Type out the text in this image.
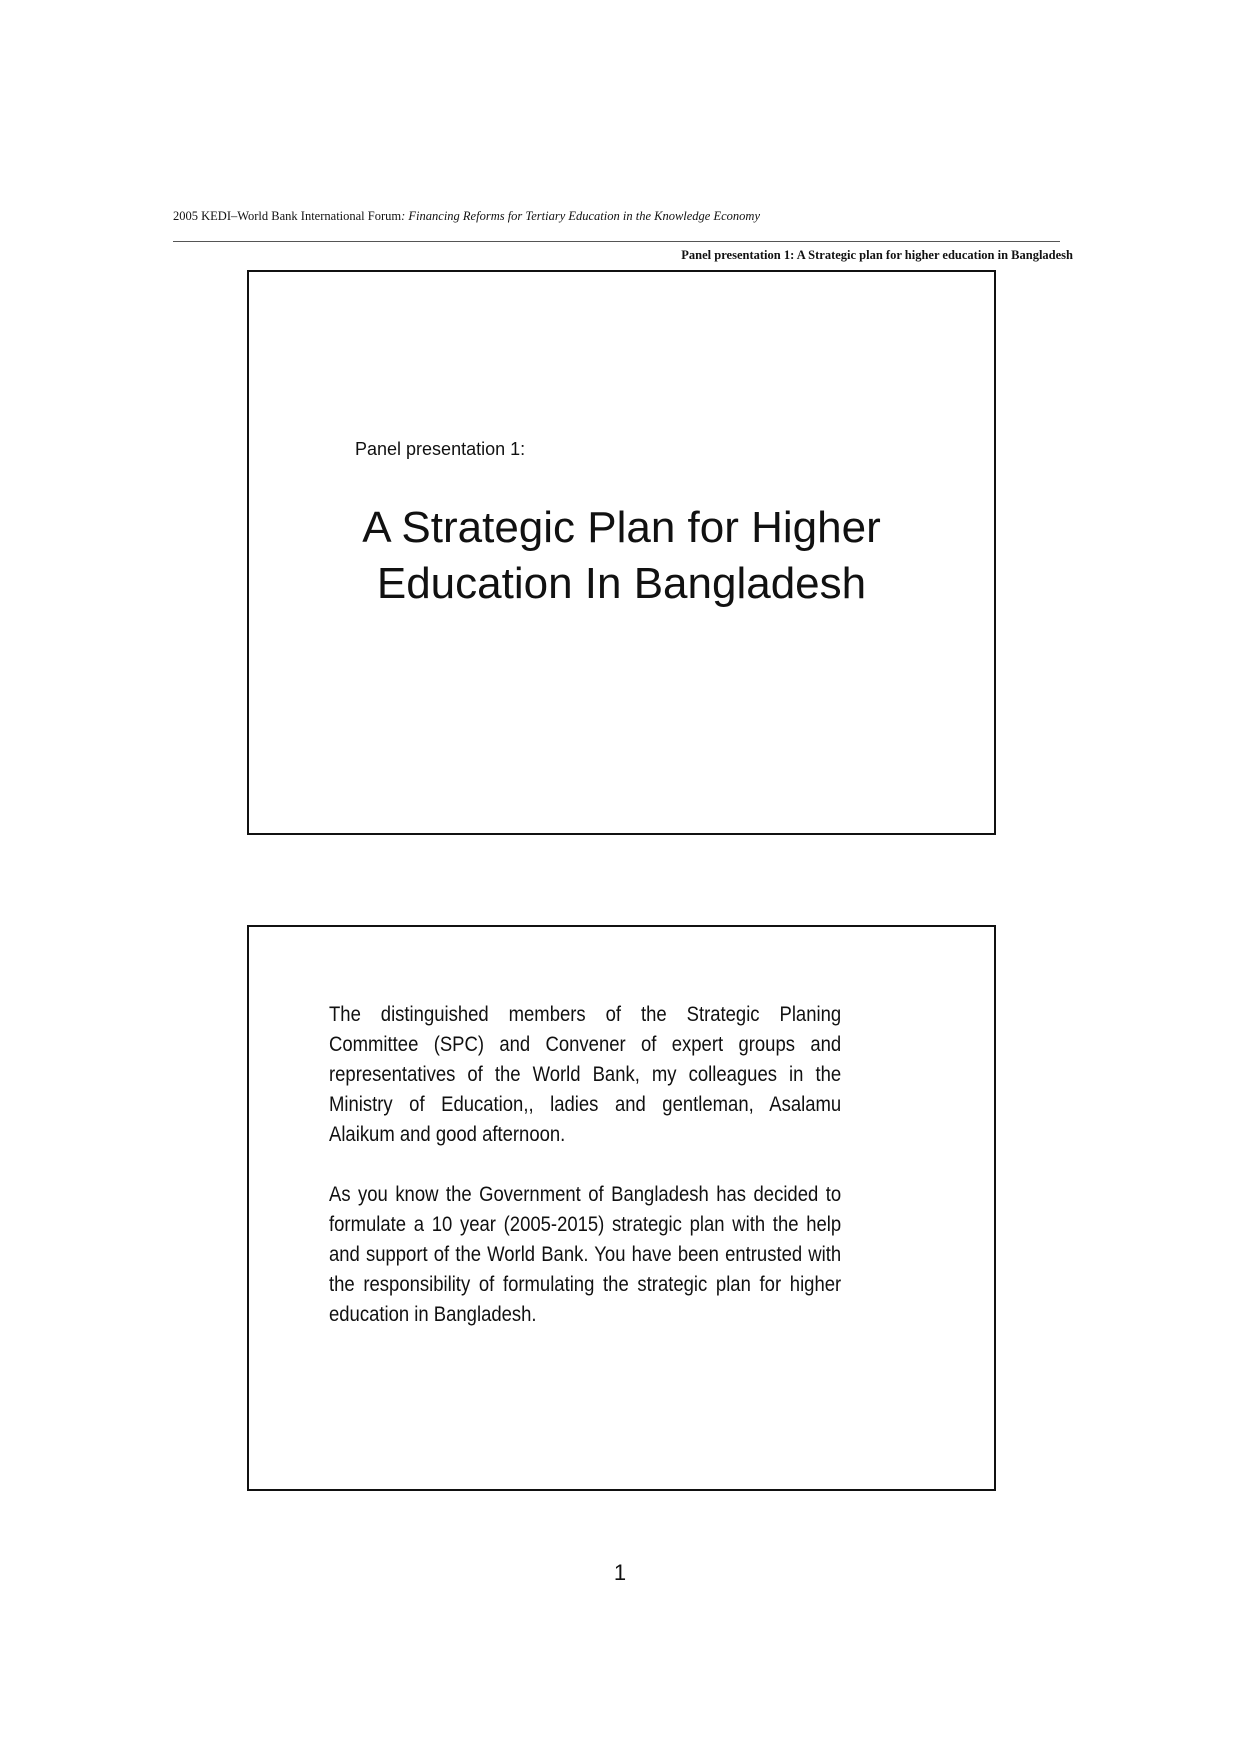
2005 KEDI–World Bank International Forum: Financing Reforms for Tertiary Education in the Knowledge Economy
Panel presentation 1: A Strategic plan for higher education in Bangladesh
Panel presentation 1:
A Strategic Plan for Higher
Education In Bangladesh

The distinguished members of the Strategic Planing Committee (SPC) and Convener of expert groups and representatives of the World Bank, my colleagues in the Ministry of Education,, ladies and gentleman, Asalamu Alaikum and good afternoon.

As you know the Government of Bangladesh has decided to formulate a 10 year (2005-2015) strategic plan with the help and support of the World Bank. You have been entrusted with the responsibility of formulating the strategic plan for higher education in Bangladesh.

1
